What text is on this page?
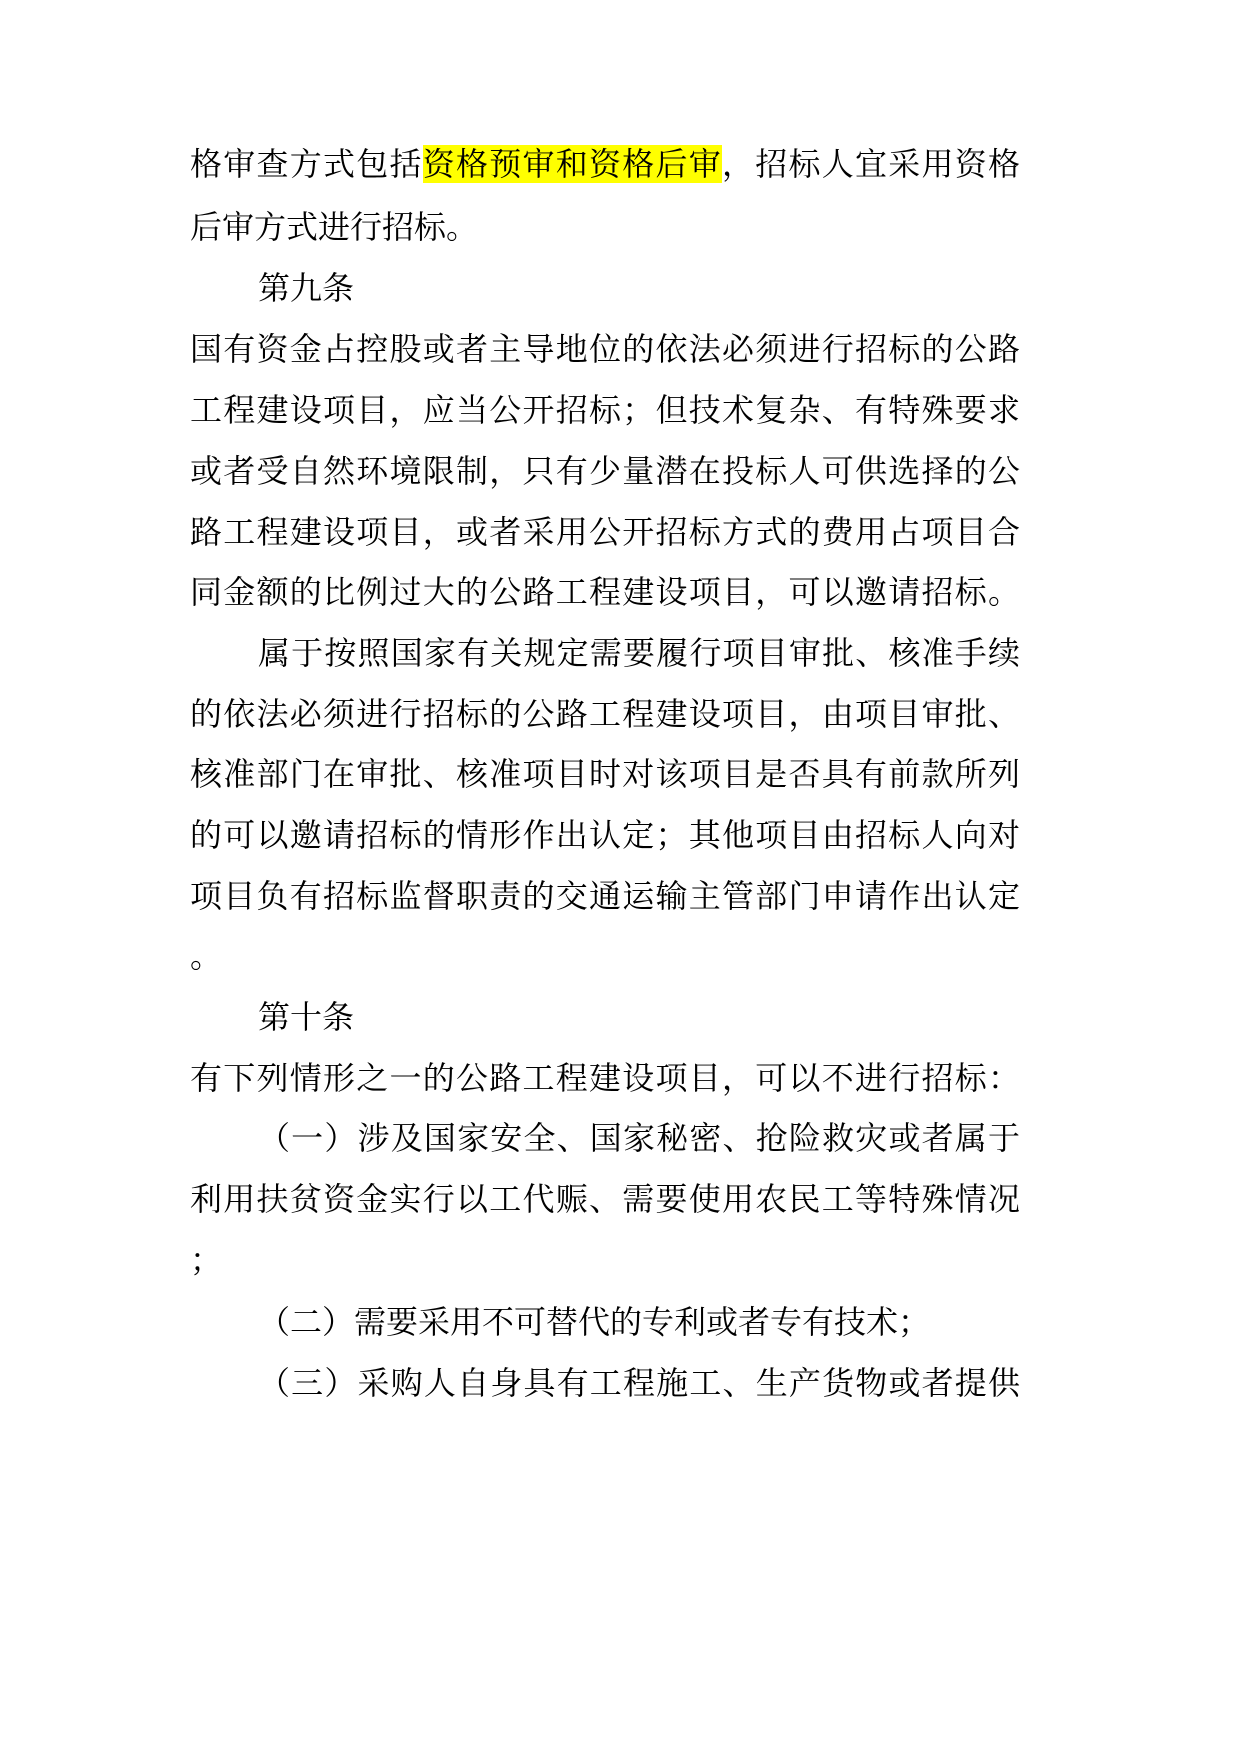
格审查方式包括资格预审和资格后审，招标人宜采用资格
后审方式进行招标。
第九条
国有资金占控股或者主导地位的依法必须进行招标的公路
工程建设项目，应当公开招标；但技术复杂、有特殊要求
或者受自然环境限制，只有少量潜在投标人可供选择的公
路工程建设项目，或者采用公开招标方式的费用占项目合
同金额的比例过大的公路工程建设项目，可以邀请招标。
属于按照国家有关规定需要履行项目审批、核准手续
的依法必须进行招标的公路工程建设项目，由项目审批、
核准部门在审批、核准项目时对该项目是否具有前款所列
的可以邀请招标的情形作出认定；其他项目由招标人向对
项目负有招标监督职责的交通运输主管部门申请作出认定
。
第十条
有下列情形之一的公路工程建设项目，可以不进行招标：
（一）涉及国家安全、国家秘密、抢险救灾或者属于
利用扶贫资金实行以工代赈、需要使用农民工等特殊情况
；
（二）需要采用不可替代的专利或者专有技术；
（三）采购人自身具有工程施工、生产货物或者提供
